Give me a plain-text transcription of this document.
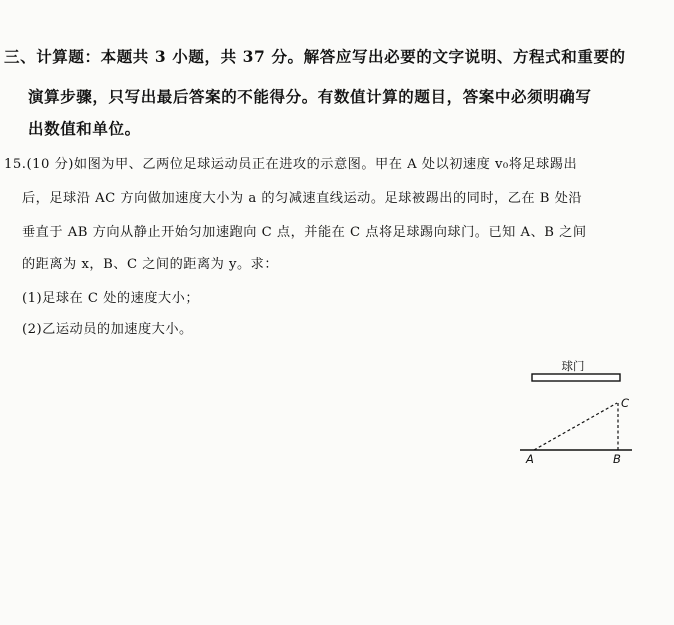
三、计算题：本题共 3 小题，共 37 分。解答应写出必要的文字说明、方程式和重要的
演算步骤，只写出最后答案的不能得分。有数值计算的题目，答案中必须明确写
出数值和单位。
15.(10 分)如图为甲、乙两位足球运动员正在进攻的示意图。甲在 A 处以初速度 v₀将足球踢出
后，足球沿 AC 方向做加速度大小为 a 的匀减速直线运动。足球被踢出的同时，乙在 B 处沿
垂直于 AB 方向从静止开始匀加速跑向 C 点，并能在 C 点将足球踢向球门。已知 A、B 之间
的距离为 x，B、C 之间的距离为 y。求：
(1)足球在 C 处的速度大小；
(2)乙运动员的加速度大小。
球门
C
A	B
